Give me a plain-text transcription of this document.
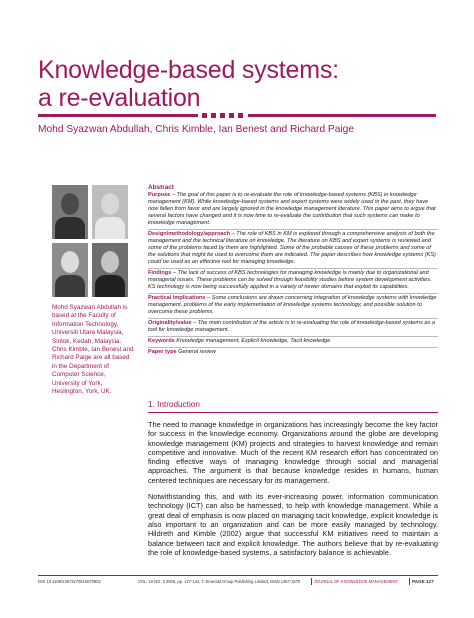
Knowledge-based systems:
a re-evaluation
Mohd Syazwan Abdullah, Chris Kimble, Ian Benest and Richard Paige
Mohd Syazwan Abdullah is based at the Faculty of Information Technology, Universiti Utara Malaysia, Sintok, Kedah, Malaysia. Chris Kimble, Ian Benest and Richard Paige are all based in the Department of Computer Science, University of York, Heslington, York, UK.
Abstract
Purpose – The goal of this paper is to re-evaluate the role of knowledge-based systems (KBS) in knowledge management (KM). While knowledge-based systems and expert systems were widely used in the past, they have now fallen from favor and are largely ignored in the knowledge management literature. This paper aims to argue that several factors have changed and it is now time to re-evaluate the contribution that such systems can make to knowledge management.
Design/methodology/approach – The role of KBS in KM is explored through a comprehensive analysis of both the management and the technical literature on knowledge. The literature on KBS and expert systems is reviewed and some of the problems faced by them are highlighted. Some of the probable causes of these problems and some of the solutions that might be used to overcome them are indicated. The paper describes how knowledge systems (KS) could be used as an effective tool for managing knowledge.
Findings – The lack of success of KBS technologies for managing knowledge is mainly due to organizational and managerial issues. These problems can be solved through feasibility studies before system development activities. KS technology is now being successfully applied in a variety of newer domains that exploit its capabilities.
Practical implications – Some conclusions are drawn concerning integration of knowledge systems with knowledge management, problems of the early implementation of knowledge systems technology, and possible solution to overcome these problems.
Originality/value – The main contribution of the article is in re-evaluating the role of knowledge-based systems as a tool for knowledge management.
Keywords Knowledge management, Explicit knowledge, Tacit knowledge
Paper type General review
1. Introduction

The need to manage knowledge in organizations has increasingly become the key factor for success in the knowledge economy. Organizations around the globe are developing knowledge management (KM) projects and strategies to harvest knowledge and remain competitive and innovative. Much of the recent KM research effort has concentrated on finding effective ways of managing knowledge through social and managerial approaches. The argument is that because knowledge resides in humans, human centered techniques are necessary for its management.

Notwithstanding this, and with its ever-increasing power, information communication technology (ICT) can also be harnessed, to help with knowledge management. While a great deal of emphasis is now placed on managing tacit knowledge, explicit knowledge is also important to an organization and can be more easily managed by technology. Hildreth and Kimble (2002) argue that successful KM initiatives need to maintain a balance between tacit and explicit knowledge. The authors believe that by re-evaluating the role of knowledge-based systems, a satisfactory balance is achievable.

DOI 10.1108/13673270610670902	VOL. 10 NO. 3 2006, pp. 127-142, © Emerald Group Publishing Limited, ISSN 1367-3270	JOURNAL OF KNOWLEDGE MANAGEMENT	PAGE 127
